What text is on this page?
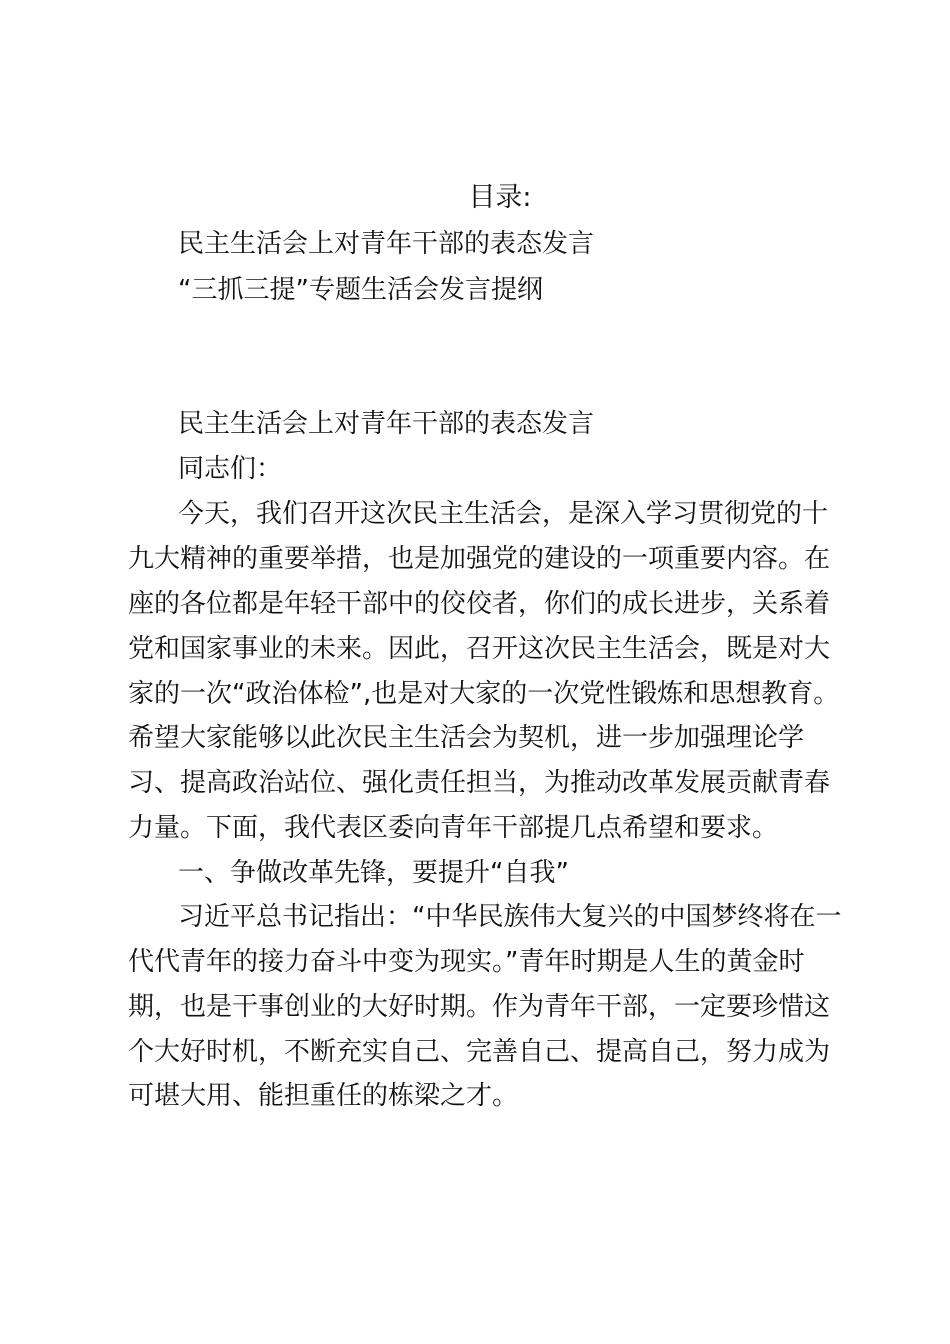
目录:
民主生活会上对青年干部的表态发言
“三抓三提”专题生活会发言提纲
民主生活会上对青年干部的表态发言
同志们：
今天，我们召开这次民主生活会，是深入学习贯彻党的十
九大精神的重要举措，也是加强党的建设的一项重要内容。在
座的各位都是年轻干部中的佼佼者，你们的成长进步，关系着
党和国家事业的未来。因此，召开这次民主生活会，既是对大
家的一次“政治体检”,也是对大家的一次党性锻炼和思想教育。
希望大家能够以此次民主生活会为契机，进一步加强理论学
习、提高政治站位、强化责任担当，为推动改革发展贡献青春
力量。下面，我代表区委向青年干部提几点希望和要求。
一、争做改革先锋，要提升“自我”
习近平总书记指出：“中华民族伟大复兴的中国梦终将在一
代代青年的接力奋斗中变为现实。”青年时期是人生的黄金时
期，也是干事创业的大好时期。作为青年干部，一定要珍惜这
个大好时机，不断充实自己、完善自己、提高自己，努力成为
可堪大用、能担重任的栋梁之才。
